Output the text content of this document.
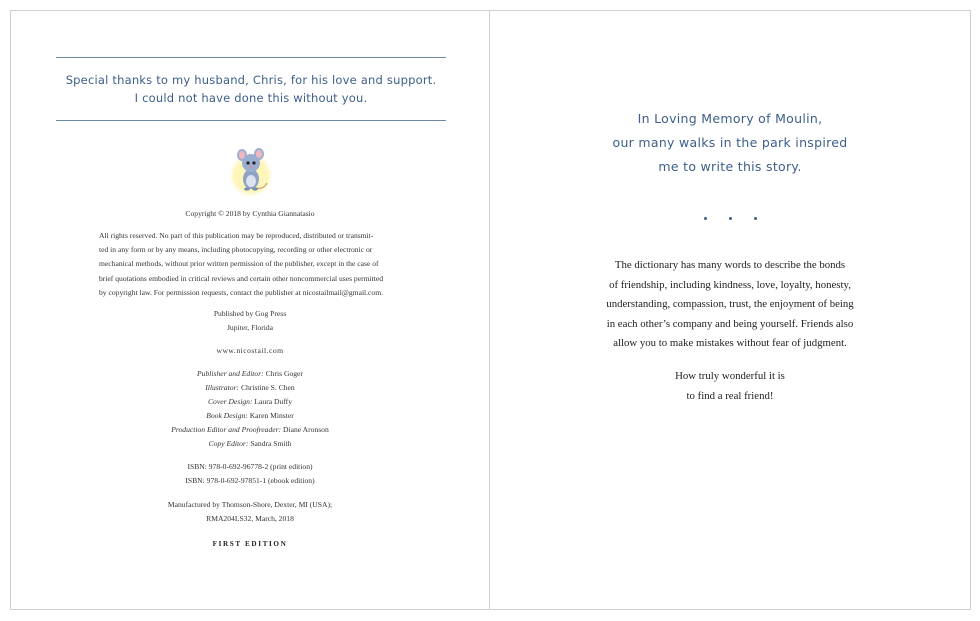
Special thanks to my husband, Chris, for his love and support.
I could not have done this without you.
Copyright © 2018 by Cynthia Giannatasio
All rights reserved. No part of this publication may be reproduced, distributed or transmit-
ted in any form or by any means, including photocopying, recording or other electronic or
mechanical methods, without prior written permission of the publisher, except in the case of
brief quotations embodied in critical reviews and certain other noncommercial uses permitted
by copyright law. For permission requests, contact the publisher at nicostailmail@gmail.com.
Published by Gog Press
Jupiter, Florida
www.nicostail.com
Publisher and Editor: Chris Goger
Illustrator: Christine S. Chen
Cover Design: Laura Duffy
Book Design: Karen Minster
Production Editor and Proofreader: Diane Aronson
Copy Editor: Sandra Smith
ISBN: 978-0-692-96778-2 (print edition)
ISBN: 978-0-692-97851-1 (ebook edition)
Manufactured by Thomson-Shore, Dexter, MI (USA);
RMA204LS32, March, 2018
FIRST EDITION
In Loving Memory of Moulin,
our many walks in the park inspired
me to write this story.
The dictionary has many words to describe the bonds
of friendship, including kindness, love, loyalty, honesty,
understanding, compassion, trust, the enjoyment of being
in each other’s company and being yourself. Friends also
allow you to make mistakes without fear of judgment.
How truly wonderful it is
to find a real friend!
